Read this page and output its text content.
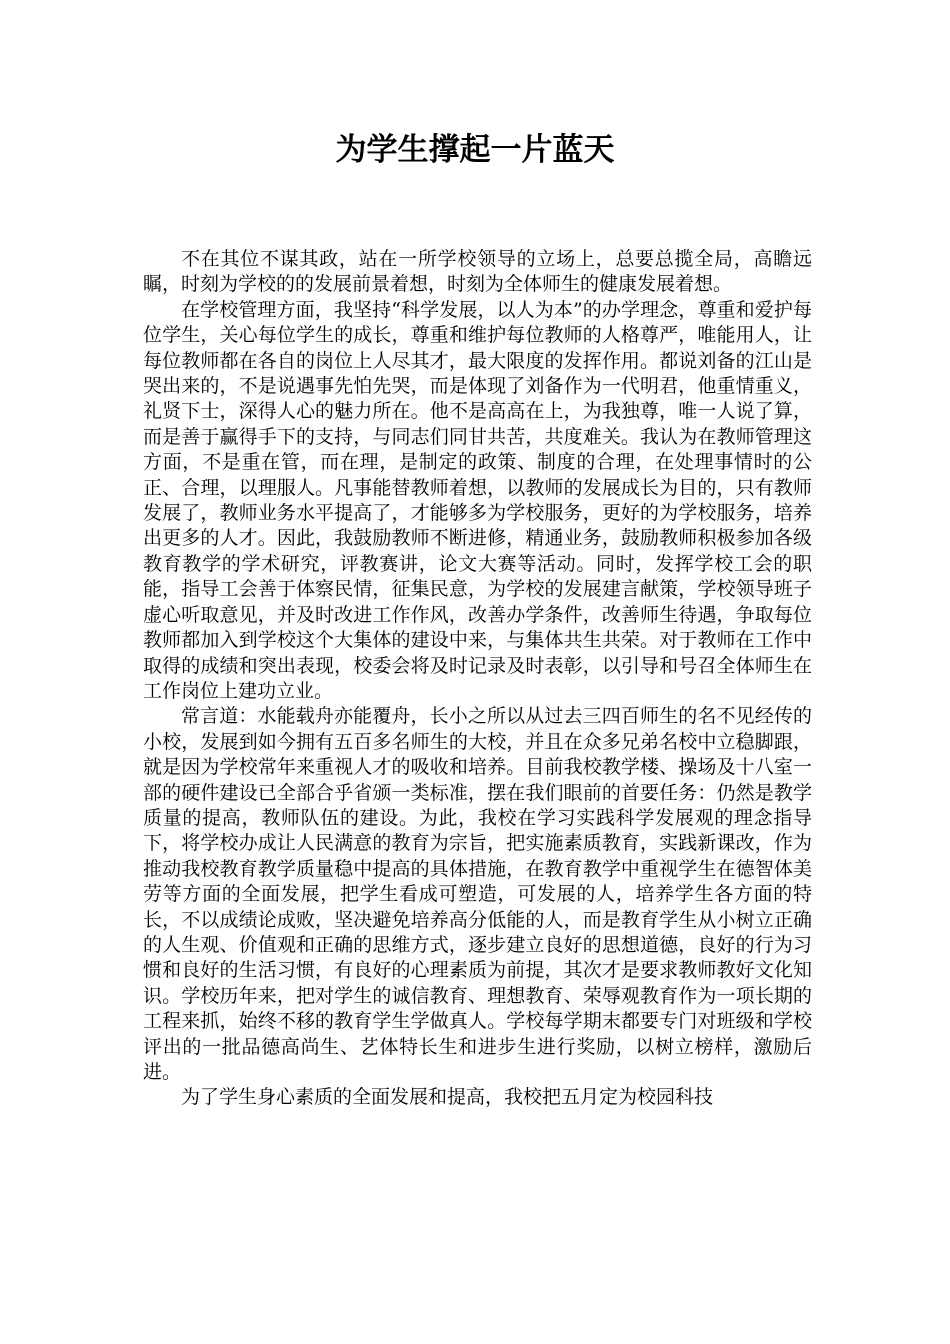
为学生撑起一片蓝天

不在其位不谋其政，站在一所学校领导的立场上，总要总揽全局，高瞻远瞩，时刻为学校的的发展前景着想，时刻为全体师生的健康发展着想。

在学校管理方面，我坚持“科学发展，以人为本”的办学理念，尊重和爱护每位学生，关心每位学生的成长，尊重和维护每位教师的人格尊严，唯能用人，让每位教师都在各自的岗位上人尽其才，最大限度的发挥作用。都说刘备的江山是哭出来的，不是说遇事先怕先哭，而是体现了刘备作为一代明君，他重情重义，礼贤下士，深得人心的魅力所在。他不是高高在上，为我独尊，唯一人说了算，而是善于赢得手下的支持，与同志们同甘共苦，共度难关。我认为在教师管理这方面，不是重在管，而在理，是制定的政策、制度的合理，在处理事情时的公正、合理，以理服人。凡事能替教师着想，以教师的发展成长为目的，只有教师发展了，教师业务水平提高了，才能够多为学校服务，更好的为学校服务，培养出更多的人才。因此，我鼓励教师不断进修，精通业务，鼓励教师积极参加各级教育教学的学术研究，评教赛讲，论文大赛等活动。同时，发挥学校工会的职能，指导工会善于体察民情，征集民意，为学校的发展建言献策，学校领导班子虚心听取意见，并及时改进工作作风，改善办学条件，改善师生待遇，争取每位教师都加入到学校这个大集体的建设中来，与集体共生共荣。对于教师在工作中取得的成绩和突出表现，校委会将及时记录及时表彰，以引导和号召全体师生在工作岗位上建功立业。

常言道：水能载舟亦能覆舟，长小之所以从过去三四百师生的名不见经传的小校，发展到如今拥有五百多名师生的大校，并且在众多兄弟名校中立稳脚跟，就是因为学校常年来重视人才的吸收和培养。目前我校教学楼、操场及十八室一部的硬件建设已全部合乎省颁一类标准，摆在我们眼前的首要任务：仍然是教学质量的提高，教师队伍的建设。为此，我校在学习实践科学发展观的理念指导下，将学校办成让人民满意的教育为宗旨，把实施素质教育，实践新课改，作为推动我校教育教学质量稳中提高的具体措施，在教育教学中重视学生在德智体美劳等方面的全面发展，把学生看成可塑造，可发展的人，培养学生各方面的特长，不以成绩论成败，坚决避免培养高分低能的人，而是教育学生从小树立正确的人生观、价值观和正确的思维方式，逐步建立良好的思想道德，良好的行为习惯和良好的生活习惯，有良好的心理素质为前提，其次才是要求教师教好文化知识。学校历年来，把对学生的诚信教育、理想教育、荣辱观教育作为一项长期的工程来抓，始终不移的教育学生学做真人。学校每学期末都要专门对班级和学校评出的一批品德高尚生、艺体特长生和进步生进行奖励，以树立榜样，激励后进。

为了学生身心素质的全面发展和提高，我校把五月定为校园科技
